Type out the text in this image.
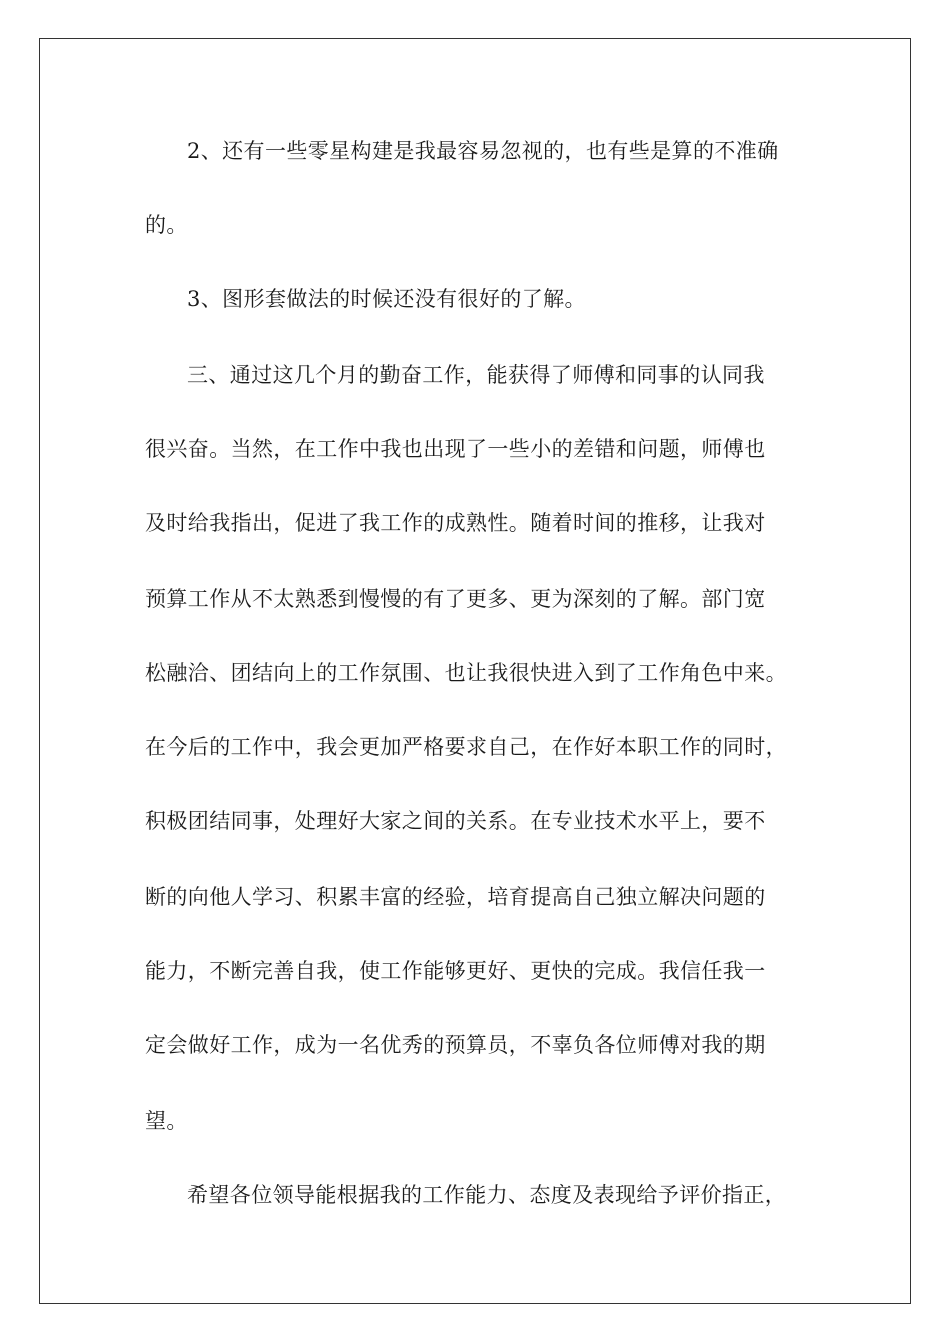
2、还有一些零星构建是我最容易忽视的，也有些是算的不准确
的。
3、图形套做法的时候还没有很好的了解。
三、通过这几个月的勤奋工作，能获得了师傅和同事的认同我
很兴奋。当然，在工作中我也出现了一些小的差错和问题，师傅也
及时给我指出，促进了我工作的成熟性。随着时间的推移，让我对
预算工作从不太熟悉到慢慢的有了更多、更为深刻的了解。部门宽
松融洽、团结向上的工作氛围、也让我很快进入到了工作角色中来。
在今后的工作中，我会更加严格要求自己，在作好本职工作的同时，
积极团结同事，处理好大家之间的关系。在专业技术水平上，要不
断的向他人学习、积累丰富的经验，培育提高自己独立解决问题的
能力，不断完善自我，使工作能够更好、更快的完成。我信任我一
定会做好工作，成为一名优秀的预算员，不辜负各位师傅对我的期
望。
希望各位领导能根据我的工作能力、态度及表现给予评价指正，
